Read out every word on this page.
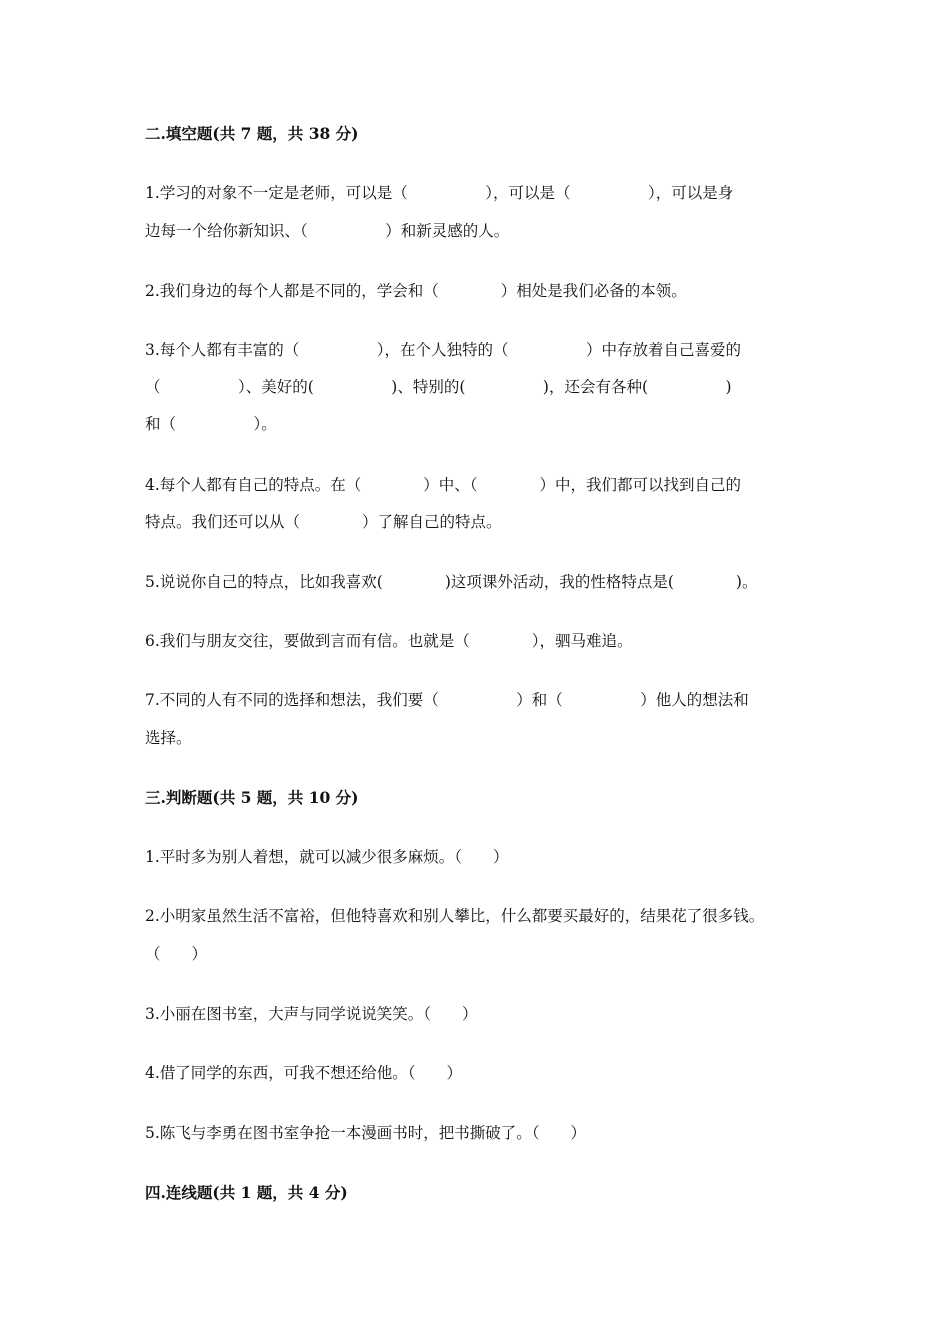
二.填空题(共 7 题，共 38 分)
1.学习的对象不一定是老师，可以是（　　　　　），可以是（　　　　　），可以是身
边每一个给你新知识、（　　　　　）和新灵感的人。
2.我们身边的每个人都是不同的，学会和（　　　　）相处是我们必备的本领。
3.每个人都有丰富的（　　　　　），在个人独特的（　　　　　）中存放着自己喜爱的
（　　　　　）、美好的(　　　　　)、特别的(　　　　　)，还会有各种(　　　　　)
和（　　　　　）。
4.每个人都有自己的特点。在（　　　　）中、（　　　　）中，我们都可以找到自己的
特点。我们还可以从（　　　　）了解自己的特点。
5.说说你自己的特点，比如我喜欢(　　　　)这项课外活动，我的性格特点是(　　　　)。
6.我们与朋友交往，要做到言而有信。也就是（　　　　），驷马难追。
7.不同的人有不同的选择和想法，我们要（　　　　　）和（　　　　　）他人的想法和
选择。
三.判断题(共 5 题，共 10 分)
1.平时多为别人着想，就可以减少很多麻烦。（　　）
2.小明家虽然生活不富裕，但他特喜欢和别人攀比，什么都要买最好的，结果花了很多钱。
（　　）
3.小丽在图书室，大声与同学说说笑笑。（　　）
4.借了同学的东西，可我不想还给他。（　　）
5.陈飞与李勇在图书室争抢一本漫画书时，把书撕破了。（　　）
四.连线题(共 1 题，共 4 分)
